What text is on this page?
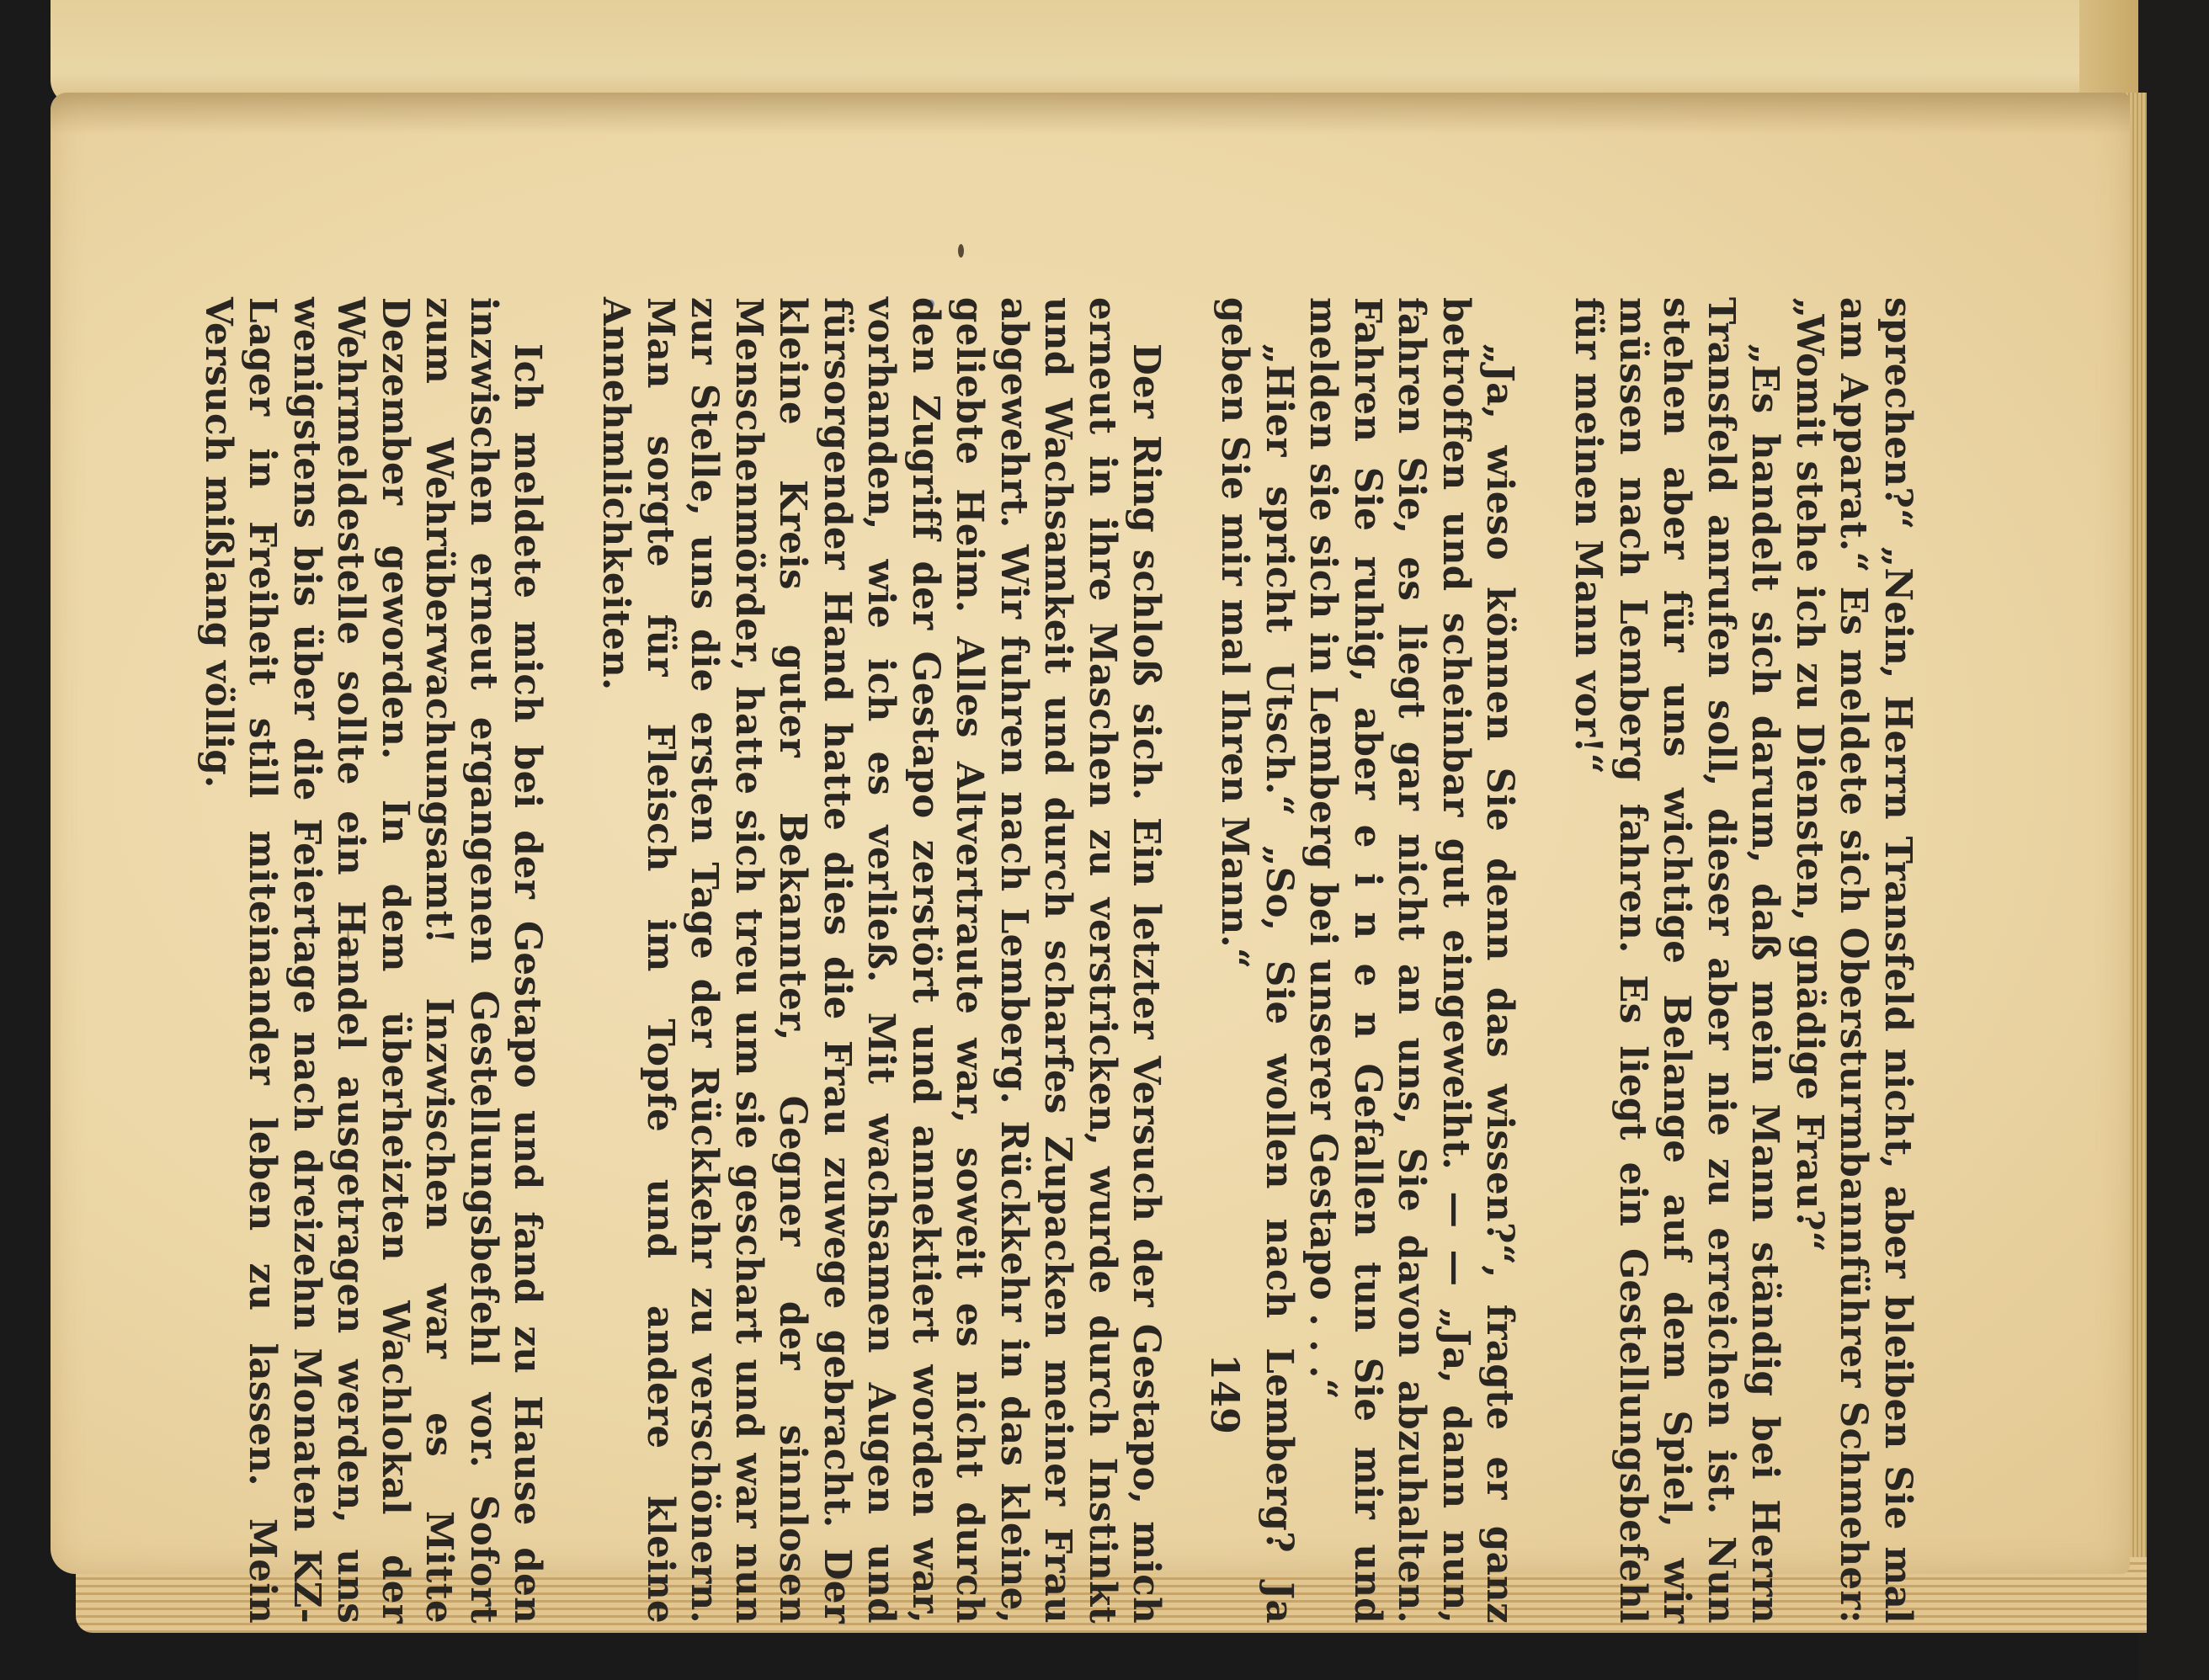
sprechen?“ „Nein, Herrn Transfeld nicht, aber bleiben Sie mal am Apparat.“ Es meldete sich Obersturmbannführer Schmeher: „Womit stehe ich zu Diensten, gnädige Frau?“

„Es handelt sich darum, daß mein Mann ständig bei Herrn Transfeld anrufen soll, dieser aber nie zu erreichen ist. Nun stehen aber für uns wichtige Belange auf dem Spiel, wir müssen nach Lemberg fahren. Es liegt ein Gestellungsbefehl für meinen Mann vor!“

„Ja, wieso können Sie denn das wissen?“, fragte er ganz betroffen und scheinbar gut eingeweiht. — — „Ja, dann nun, fahren Sie, es liegt gar nicht an uns, Sie davon abzuhalten. Fahren Sie ruhig, aber e i n e n Gefallen tun Sie mir und melden sie sich in Lemberg bei unserer Gestapo . . .“

„Hier spricht Utsch.“ „So, Sie wollen nach Lemberg? Ja geben Sie mir mal Ihren Mann.“

Der Ring schloß sich. Ein letzter Versuch der Gestapo, mich erneut in ihre Maschen zu verstricken, wurde durch Instinkt und Wachsamkeit und durch scharfes Zupacken meiner Frau abgewehrt. Wir fuhren nach Lemberg. Rückkehr in das kleine, geliebte Heim. Alles Altvertraute war, soweit es nicht durch den Zugriff der Gestapo zerstört und annektiert worden war, vorhanden, wie ich es verließ. Mit wachsamen Augen und fürsorgender Hand hatte dies die Frau zuwege gebracht. Der kleine Kreis guter Bekannter, Gegner der sinnlosen Menschenmörder, hatte sich treu um sie geschart und war nun zur Stelle, uns die ersten Tage der Rückkehr zu verschönern. Man sorgte für Fleisch im Topfe und andere kleine Annehmlichkeiten.

Ich meldete mich bei der Gestapo und fand zu Hause den inzwischen erneut ergangenen Gestellungsbefehl vor. Sofort zum Wehrüberwachungsamt! Inzwischen war es Mitte Dezember geworden. In dem überheizten Wachlokal der Wehrmeldestelle sollte ein Handel ausgetragen werden, uns wenigstens bis über die Feiertage nach dreizehn Monaten KZ-Lager in Freiheit still miteinander leben zu lassen. Mein Versuch mißlang völlig.

149
